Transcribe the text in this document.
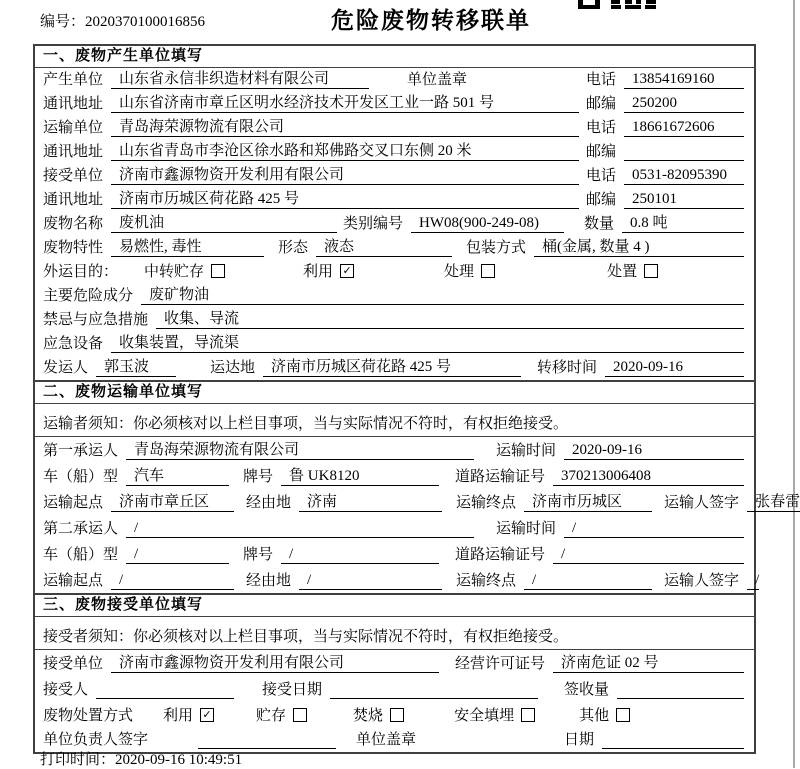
编号：2020370100016856	危险废物转移联单
一、废物产生单位填写
产生单位	山东省永信非织造材料有限公司	单位盖章	电话	13854169160
通讯地址	山东省济南市章丘区明水经济技术开发区工业一路 501 号	邮编	250200
运输单位	青岛海荣源物流有限公司	电话	18661672606
通讯地址	山东省青岛市李沧区徐水路和郑佛路交叉口东侧 20 米	邮编
接受单位	济南市鑫源物资开发利用有限公司	电话	0531-82095390
通讯地址	济南市历城区荷花路 425 号	邮编	250101
废物名称	废机油	类别编号	HW08(900-249-08)	数量	0.8 吨
废物特性	易燃性, 毒性	形态	液态	包装方式	桶(金属, 数量 4 )
外运目的： 中转贮存	利用 ✓	处理	处置
主要危险成分	废矿物油
禁忌与应急措施	收集、导流
应急设备	收集装置，导流渠
发运人	郭玉波	运达地	济南市历城区荷花路 425 号	转移时间	2020-09-16
二、废物运输单位填写
运输者须知：你必须核对以上栏目事项，当与实际情况不符时，有权拒绝接受。
第一承运人	青岛海荣源物流有限公司	运输时间	2020-09-16
车（船）型	汽车	牌号	鲁 UK8120	道路运输证号	370213006408
运输起点	济南市章丘区	经由地	济南	运输终点	济南市历城区	运输人签字	张春雷
第二承运人	/	运输时间	/
车（船）型	/	牌号	/	道路运输证号	/
运输起点	/	经由地	/	运输终点	/	运输人签字	/
三、废物接受单位填写
接受者须知：你必须核对以上栏目事项，当与实际情况不符时，有权拒绝接受。
接受单位	济南市鑫源物资开发利用有限公司	经营许可证号	济南危证 02 号
接受人	接受日期	签收量
废物处置方式 利用 ✓	贮存	焚烧	安全填埋	其他
单位负责人签字	单位盖章	日期
打印时间：2020-09-16 10:49:51
